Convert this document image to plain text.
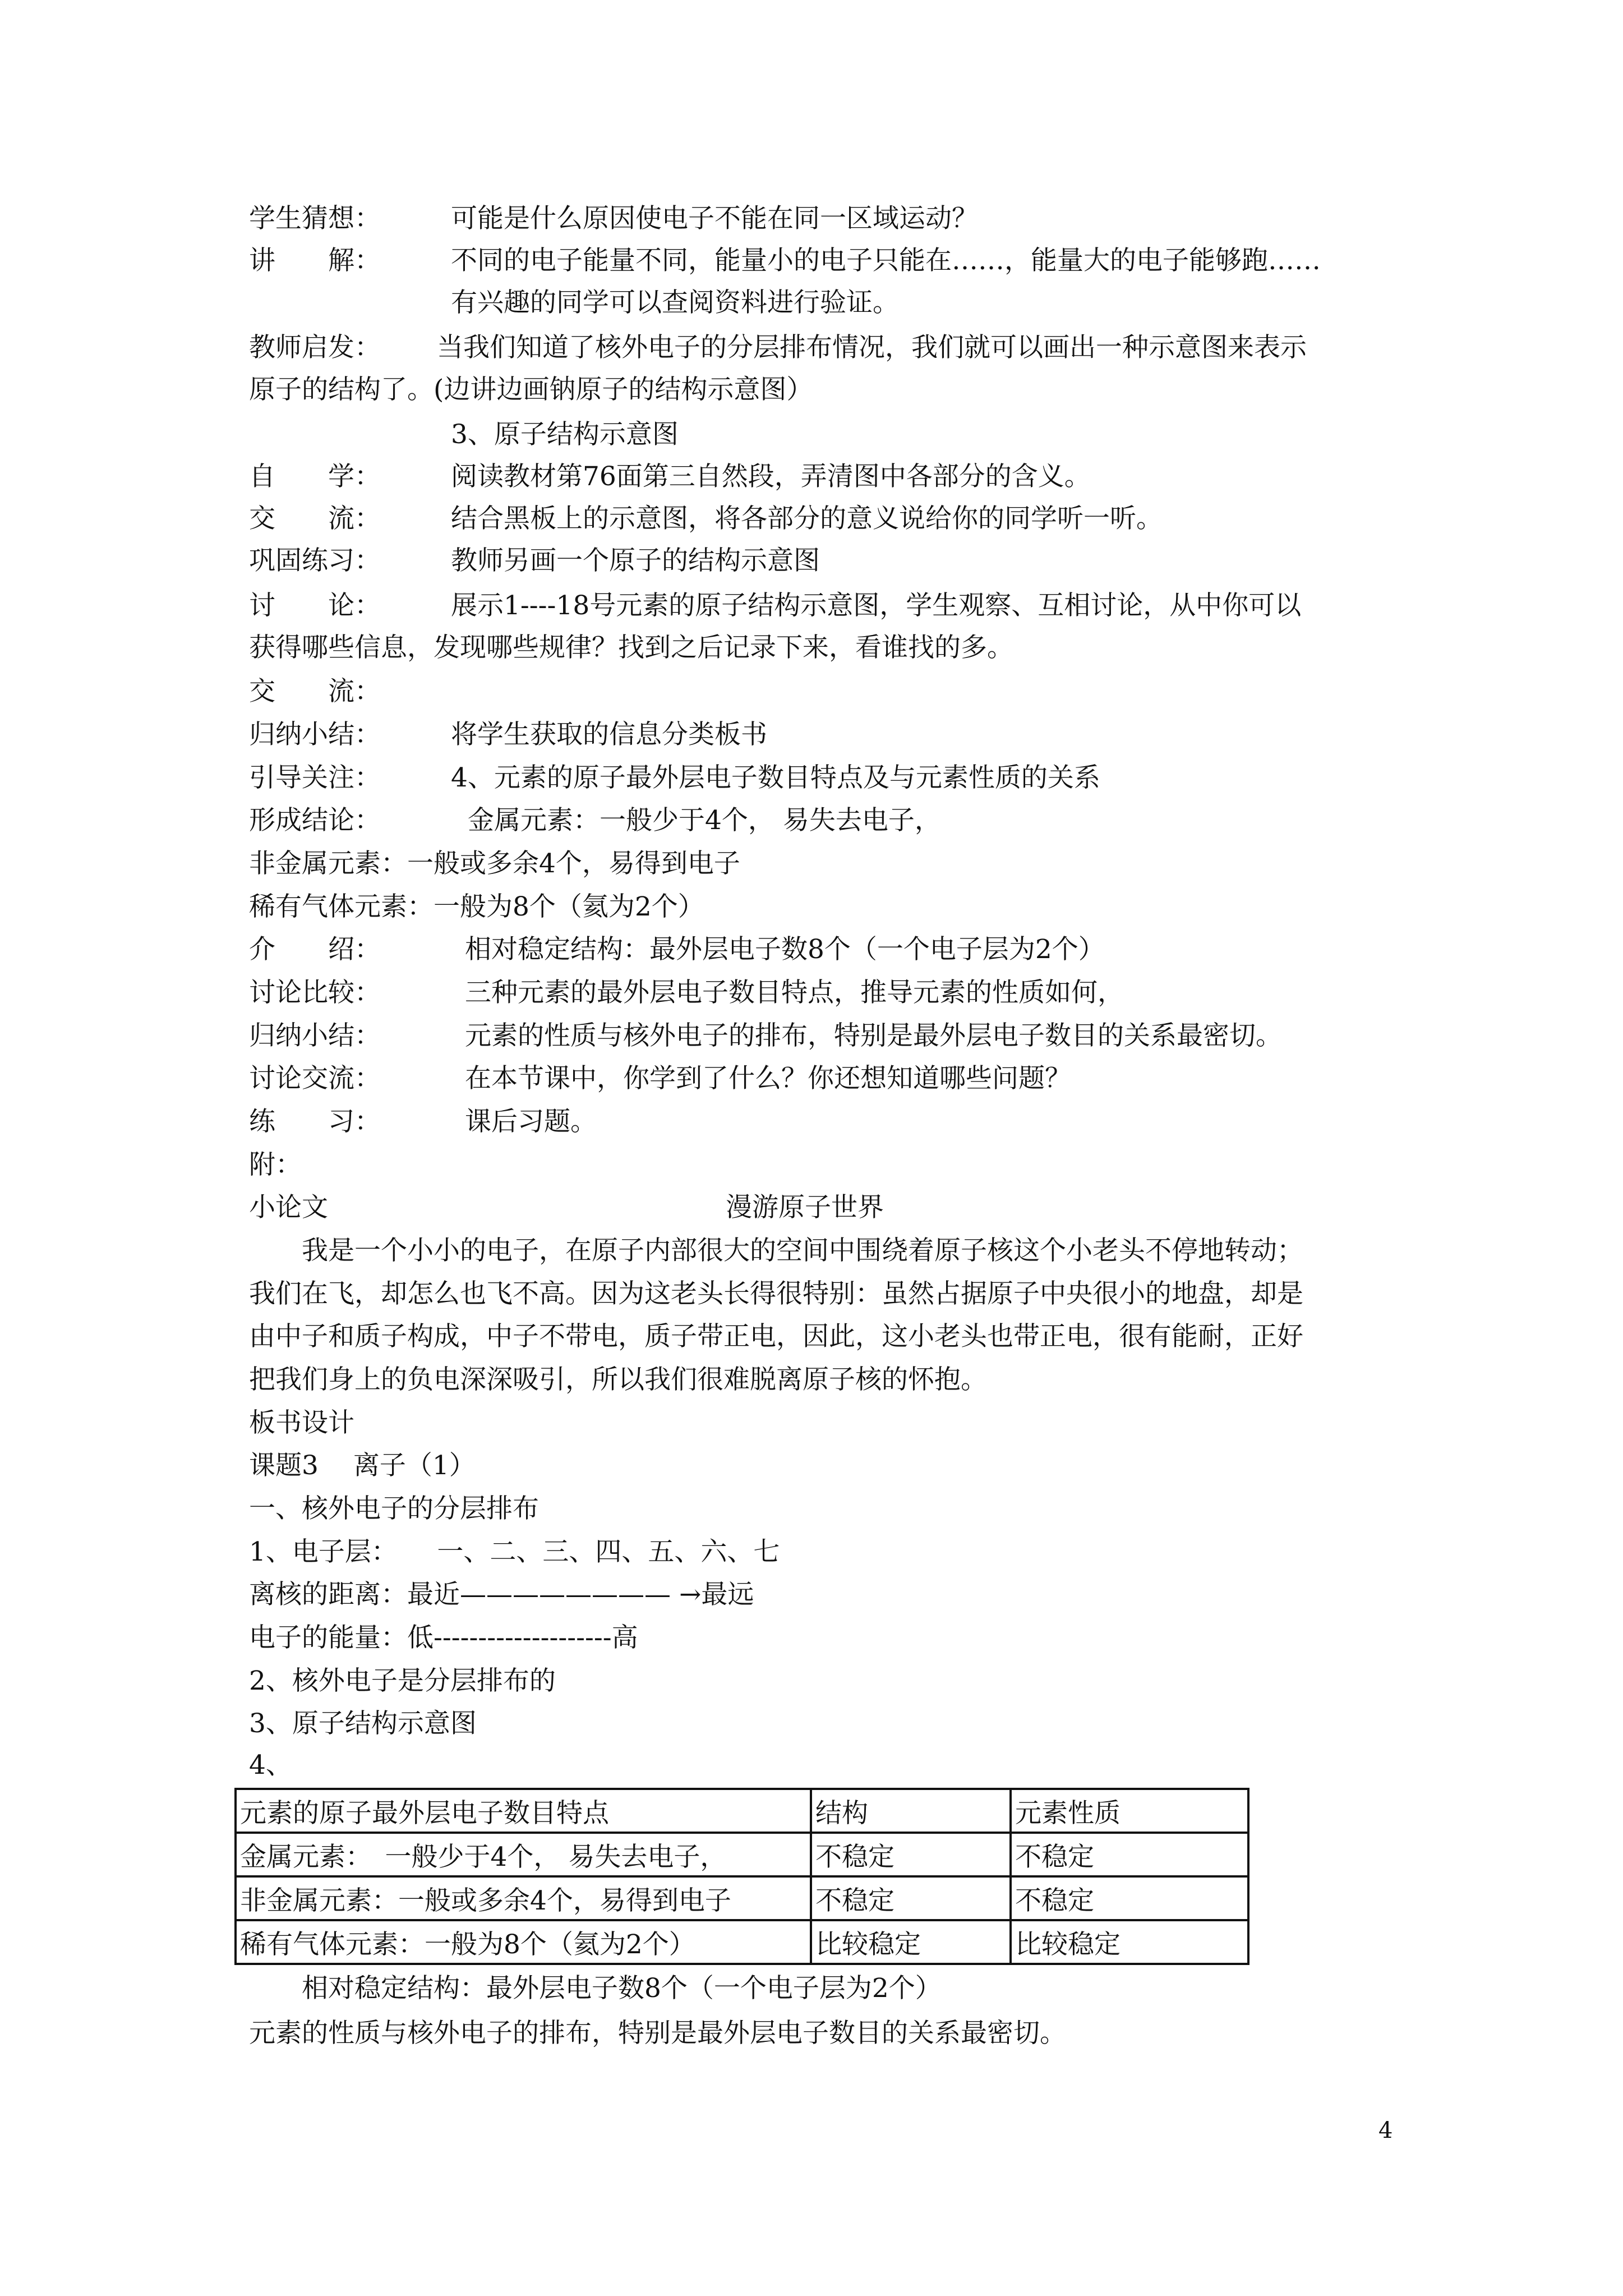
学生猜想：	可能是什么原因使电子不能在同一区域运动？
讲　　解：	不同的电子能量不同，能量小的电子只能在……，能量大的电子能够跑……
有兴趣的同学可以查阅资料进行验证。
教师启发： 当我们知道了核外电子的分层排布情况，我们就可以画出一种示意图来表示
原子的结构了。(边讲边画钠原子的结构示意图）
3、原子结构示意图
自　　学：	阅读教材第76面第三自然段，弄清图中各部分的含义。
交　　流：	结合黑板上的示意图，将各部分的意义说给你的同学听一听。
巩固练习：	教师另画一个原子的结构示意图
讨　　论：	展示1----18号元素的原子结构示意图，学生观察、互相讨论，从中你可以
获得哪些信息，发现哪些规律？找到之后记录下来，看谁找的多。
交　　流：
归纳小结：	将学生获取的信息分类板书
引导关注：	4、元素的原子最外层电子数目特点及与元素性质的关系
形成结论：	金属元素：一般少于4个， 易失去电子，
非金属元素：一般或多余4个，易得到电子
稀有气体元素：一般为8个（氦为2个）
介　　绍：	相对稳定结构：最外层电子数8个（一个电子层为2个）
讨论比较：	三种元素的最外层电子数目特点，推导元素的性质如何，
归纳小结：	元素的性质与核外电子的排布，特别是最外层电子数目的关系最密切。
讨论交流：	在本节课中，你学到了什么？你还想知道哪些问题？
练　　习：	课后习题。
附：
小论文	漫游原子世界
　　我是一个小小的电子，在原子内部很大的空间中围绕着原子核这个小老头不停地转动；
我们在飞，却怎么也飞不高。因为这老头长得很特别：虽然占据原子中央很小的地盘，却是
由中子和质子构成，中子不带电，质子带正电，因此，这小老头也带正电，很有能耐，正好
把我们身上的负电深深吸引，所以我们很难脱离原子核的怀抱。
板书设计
课题3　 离子（1）
一、核外电子的分层排布
1、电子层：　　一、二、三、四、五、六、七
离核的距离：最近———————— →最远
电子的能量：低--------------------高
2、核外电子是分层排布的
3、原子结构示意图
4、
元素的原子最外层电子数目特点	结构	元素性质
金属元素：　一般少于4个， 易失去电子，	不稳定	不稳定
非金属元素：一般或多余4个，易得到电子	不稳定	不稳定
稀有气体元素：一般为8个（氦为2个）	比较稳定	比较稳定
　　相对稳定结构：最外层电子数8个（一个电子层为2个）
元素的性质与核外电子的排布，特别是最外层电子数目的关系最密切。
4
